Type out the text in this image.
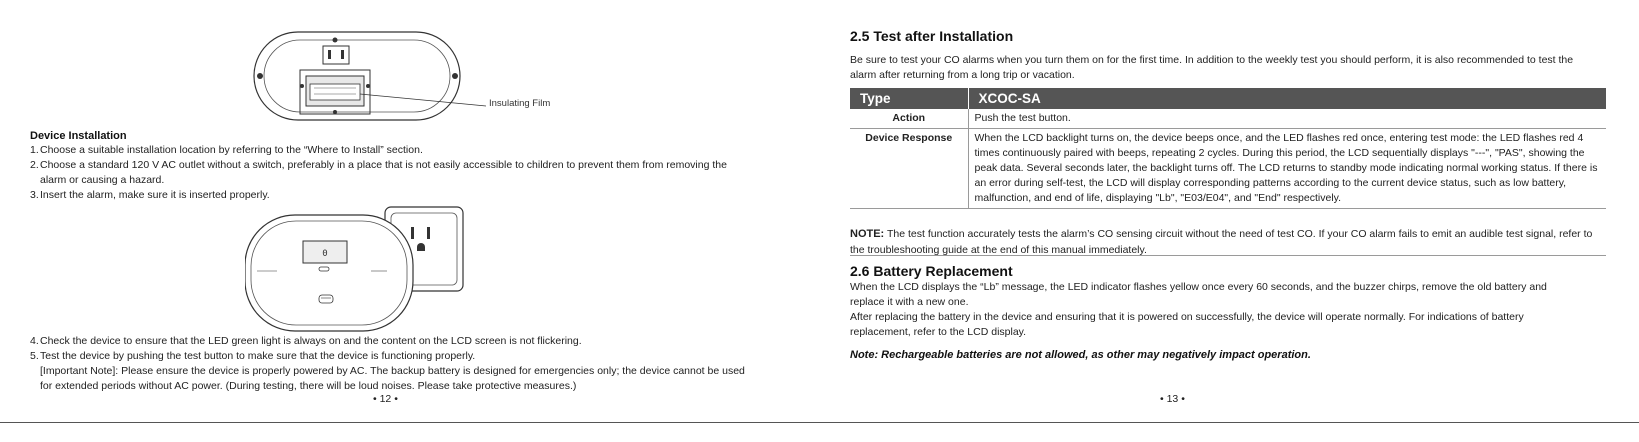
Insulating Film
Device Installation
1. Choose a suitable installation location by referring to the “Where to Install” section.
2. Choose a standard 120 V AC outlet without a switch, preferably in a place that is not easily accessible to children to prevent them from removing the alarm or causing a hazard.
3. Insert the alarm, make sure it is inserted properly.
0
4. Check the device to ensure that the LED green light is always on and the content on the LCD screen is not flickering.
5. Test the device by pushing the test button to make sure that the device is functioning properly.
[Important Note]: Please ensure the device is properly powered by AC. The backup battery is designed for emergencies only; the device cannot be used for extended periods without AC power. (During testing, there will be loud noises. Please take protective measures.)
• 12 •
2.5 Test after Installation
Be sure to test your CO alarms when you turn them on for the first time. In addition to the weekly test you should perform, it is also recommended to test the alarm after returning from a long trip or vacation.
Type	XCOC-SA
Action	Push the test button.
Device Response	When the LCD backlight turns on, the device beeps once, and the LED flashes red once, entering test mode: the LED flashes red 4 times continuously paired with beeps, repeating 2 cycles. During this period, the LCD sequentially displays "---", "PAS", showing the peak data. Several seconds later, the backlight turns off. The LCD returns to standby mode indicating normal working status. If there is an error during self-test, the LCD will display corresponding patterns according to the current device status, such as low battery, malfunction, and end of life, displaying "Lb", "E03/E04", and "End" respectively.
NOTE: The test function accurately tests the alarm’s CO sensing circuit without the need of test CO. If your CO alarm fails to emit an audible test signal, refer to the troubleshooting guide at the end of this manual immediately.
2.6 Battery Replacement
When the LCD displays the “Lb” message, the LED indicator flashes yellow once every 60 seconds, and the buzzer chirps, remove the old battery and replace it with a new one.
After replacing the battery in the device and ensuring that it is powered on successfully, the device will operate normally. For indications of battery replacement, refer to the LCD display.
Note: Rechargeable batteries are not allowed, as other may negatively impact operation.
• 13 •
